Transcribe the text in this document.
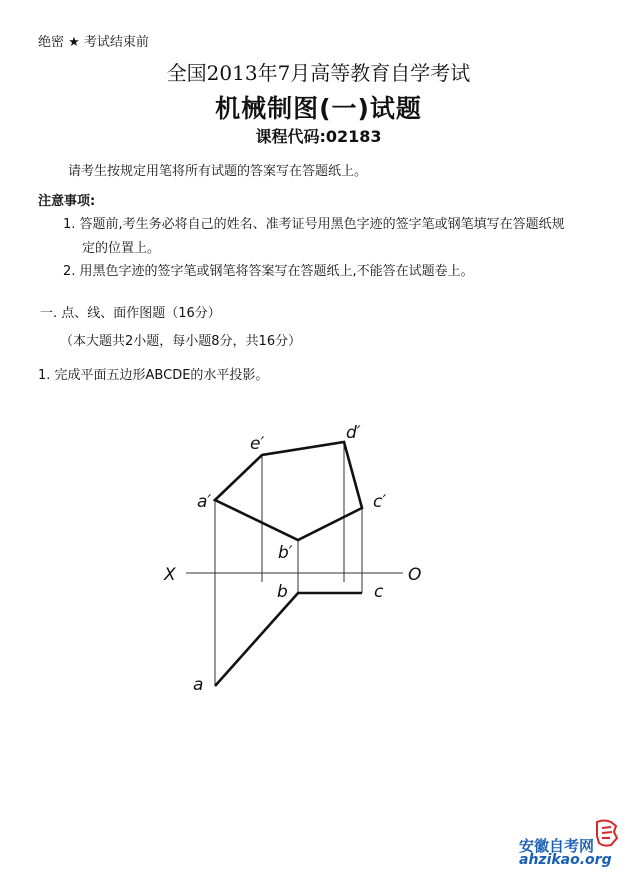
绝密 ★ 考试结束前
全国2013年7月高等教育自学考试
机械制图(一)试题
课程代码:02183
请考生按规定用笔将所有试题的答案写在答题纸上。
注意事项:
1. 答题前,考生务必将自己的姓名、准考证号用黑色字迹的签字笔或钢笔填写在答题纸规
定的位置上。
2. 用黑色字迹的签字笔或钢笔将答案写在答题纸上,不能答在试题卷上。
一. 点、线、面作图题（16分）
（本大题共2小题，每小题8分，共16分）
1. 完成平面五边形ABCDE的水平投影。
e′
d′
a′	c′
b′
X	O
b	c
a
安徽自考网
ahzikao.org
